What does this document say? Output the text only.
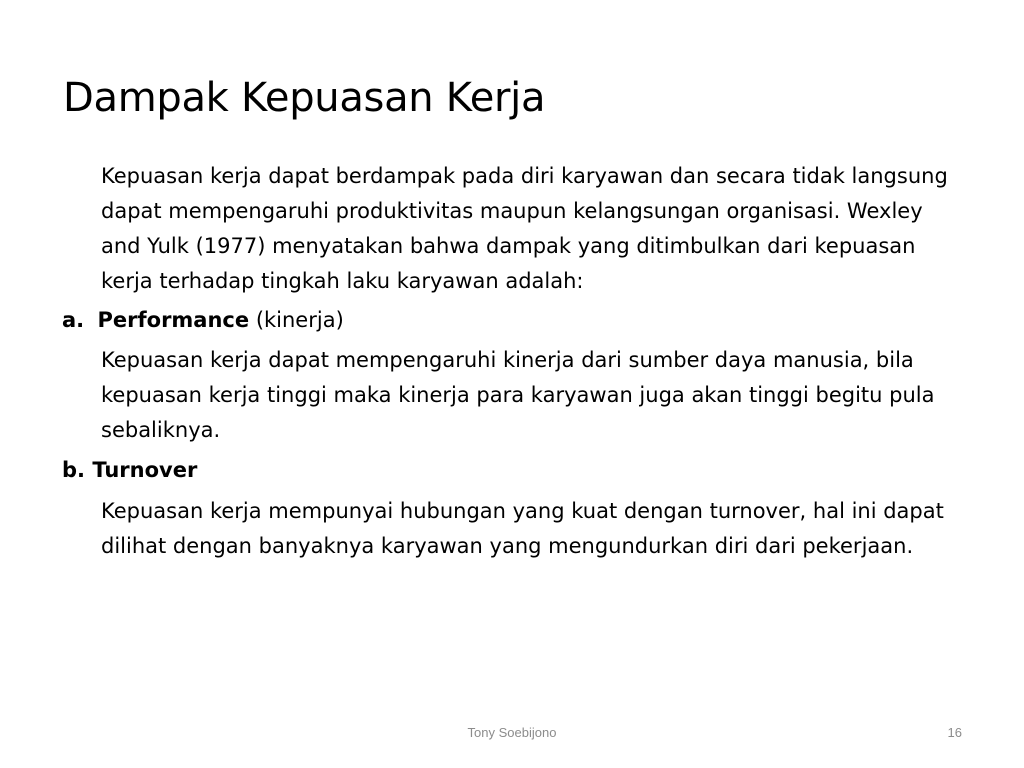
Dampak Kepuasan Kerja

Kepuasan kerja dapat berdampak pada diri karyawan dan secara tidak langsung dapat mempengaruhi produktivitas maupun kelangsungan organisasi. Wexley and Yulk (1977) menyatakan bahwa dampak yang ditimbulkan dari kepuasan kerja terhadap tingkah laku karyawan adalah:

a. Performance (kinerja)

Kepuasan kerja dapat mempengaruhi kinerja dari sumber daya manusia, bila kepuasan kerja tinggi maka kinerja para karyawan juga akan tinggi begitu pula sebaliknya.

b. Turnover

Kepuasan kerja mempunyai hubungan yang kuat dengan turnover, hal ini dapat dilihat dengan banyaknya karyawan yang mengundurkan diri dari pekerjaan.

Tony Soebijono	16
